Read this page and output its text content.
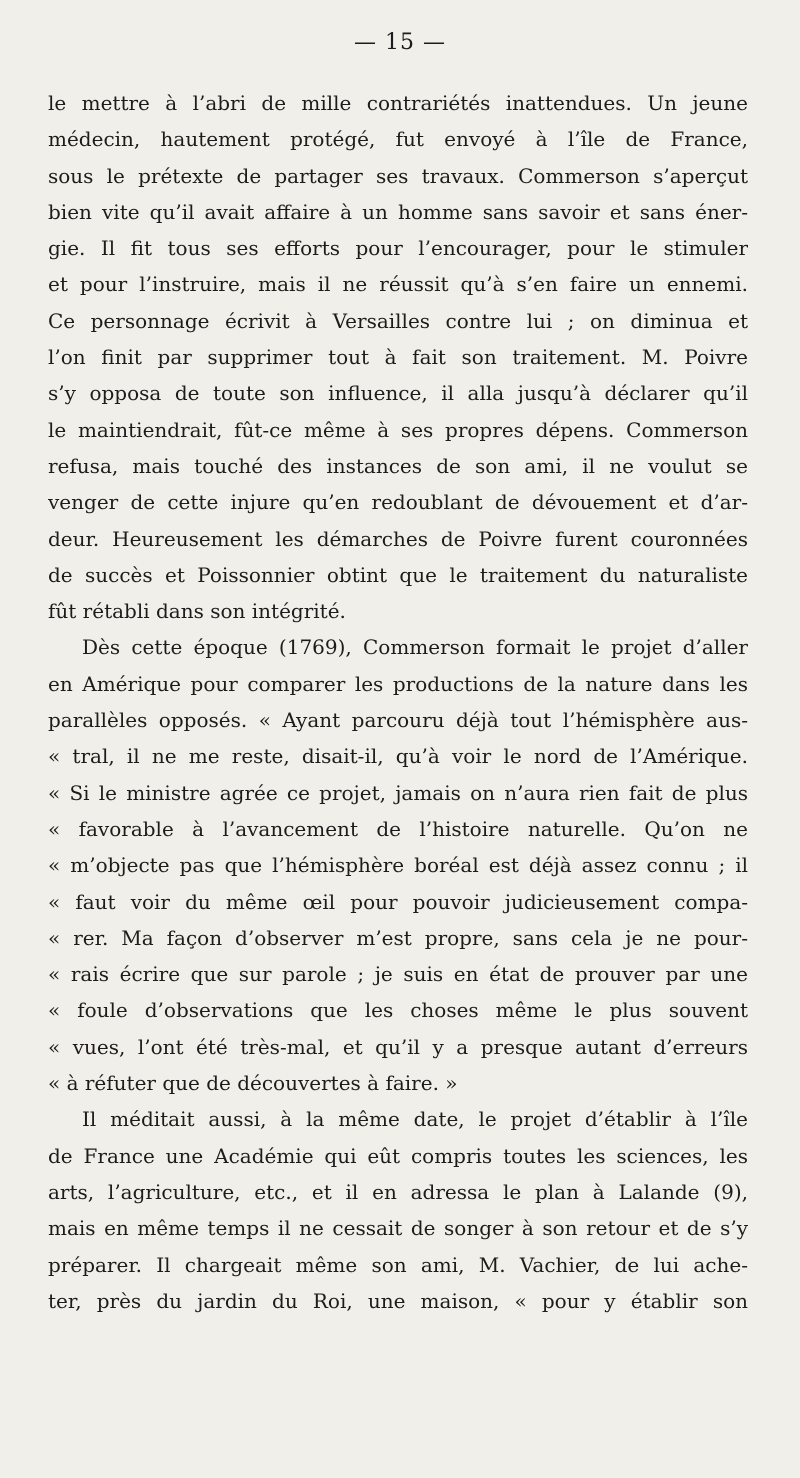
— 15 —
le mettre à l’abri de mille contrariétés inattendues. Un jeune
médecin, hautement protégé, fut envoyé à l’île de France,
sous le prétexte de partager ses travaux. Commerson s’aperçut
bien vite qu’il avait affaire à un homme sans savoir et sans éner-
gie. Il fit tous ses efforts pour l’encourager, pour le stimuler
et pour l’instruire, mais il ne réussit qu’à s’en faire un ennemi.
Ce personnage écrivit à Versailles contre lui ; on diminua et
l’on finit par supprimer tout à fait son traitement. M. Poivre
s’y opposa de toute son influence, il alla jusqu’à déclarer qu’il
le maintiendrait, fût-ce même à ses propres dépens. Commerson
refusa, mais touché des instances de son ami, il ne voulut se
venger de cette injure qu’en redoublant de dévouement et d’ar-
deur. Heureusement les démarches de Poivre furent couronnées
de succès et Poissonnier obtint que le traitement du naturaliste
fût rétabli dans son intégrité.
Dès cette époque (1769), Commerson formait le projet d’aller
en Amérique pour comparer les productions de la nature dans les
parallèles opposés. « Ayant parcouru déjà tout l’hémisphère aus-
« tral, il ne me reste, disait-il, qu’à voir le nord de l’Amérique.
« Si le ministre agrée ce projet, jamais on n’aura rien fait de plus
« favorable à l’avancement de l’histoire naturelle. Qu’on ne
« m’objecte pas que l’hémisphère boréal est déjà assez connu ; il
« faut voir du même œil pour pouvoir judicieusement compa-
« rer. Ma façon d’observer m’est propre, sans cela je ne pour-
« rais écrire que sur parole ; je suis en état de prouver par une
« foule d’observations que les choses même le plus souvent
« vues, l’ont été très-mal, et qu’il y a presque autant d’erreurs
« à réfuter que de découvertes à faire. »
Il méditait aussi, à la même date, le projet d’établir à l’île
de France une Académie qui eût compris toutes les sciences, les
arts, l’agriculture, etc., et il en adressa le plan à Lalande (9),
mais en même temps il ne cessait de songer à son retour et de s’y
préparer. Il chargeait même son ami, M. Vachier, de lui ache-
ter, près du jardin du Roi, une maison, « pour y établir son
